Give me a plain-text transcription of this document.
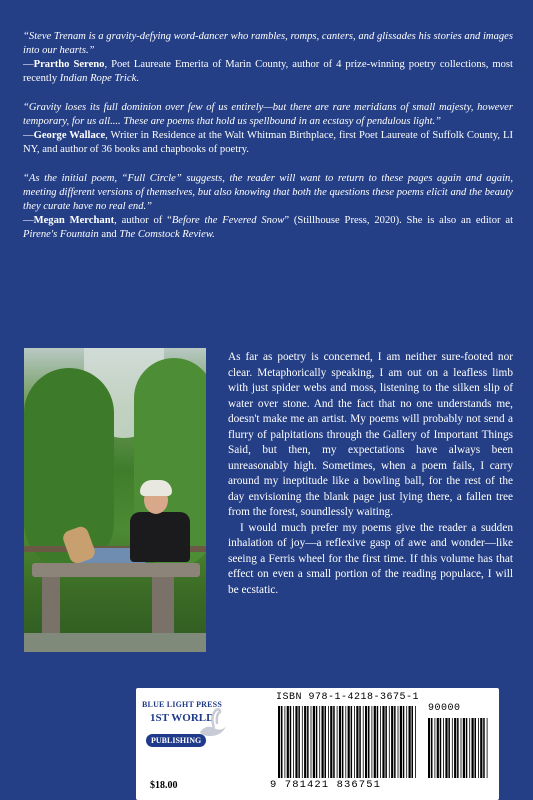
“Steve Trenam is a gravity-defying word-dancer who rambles, romps, canters, and glissades his stories and images into our hearts.”
—Prartho Sereno, Poet Laureate Emerita of Marin County, author of 4 prize-winning poetry collections, most recently Indian Rope Trick.

“Gravity loses its full dominion over few of us entirely—but there are rare meridians of small majesty, however temporary, for us all.... These are poems that hold us spellbound in an ecstasy of pendulous light.”
—George Wallace, Writer in Residence at the Walt Whitman Birthplace, first Poet Laureate of Suffolk County, LI NY, and author of 36 books and chapbooks of poetry.

“As the initial poem, “Full Circle” suggests, the reader will want to return to these pages again and again, meeting different versions of themselves, but also knowing that both the questions these poems elicit and the beauty they curate have no real end.”
—Megan Merchant, author of “Before the Fevered Snow” (Stillhouse Press, 2020). She is also an editor at Pirene's Fountain and The Comstock Review.

As far as poetry is concerned, I am neither sure-footed nor clear. Metaphorically speaking, I am out on a leafless limb with just spider webs and moss, listening to the silken slip of water over stone. And the fact that no one understands me, doesn't make me an artist. My poems will probably not send a flurry of palpitations through the Gallery of Important Things Said, but then, my expectations have always been unreasonably high. Sometimes, when a poem fails, I carry around my ineptitude like a bowling ball, for the rest of the day envisioning the blank page just lying there, a fallen tree from the forest, soundlessly waiting.

I would much prefer my poems give the reader a sudden inhalation of joy—a reflexive gasp of awe and wonder—like seeing a Ferris wheel for the first time. If this volume has that effect on even a small portion of the reading populace, I will be ecstatic.

BLUE LIGHT PRESS
1ST WORLD
PUBLISHING
$18.00
ISBN 978-1-4218-3675-1
90000
9 781421 836751
